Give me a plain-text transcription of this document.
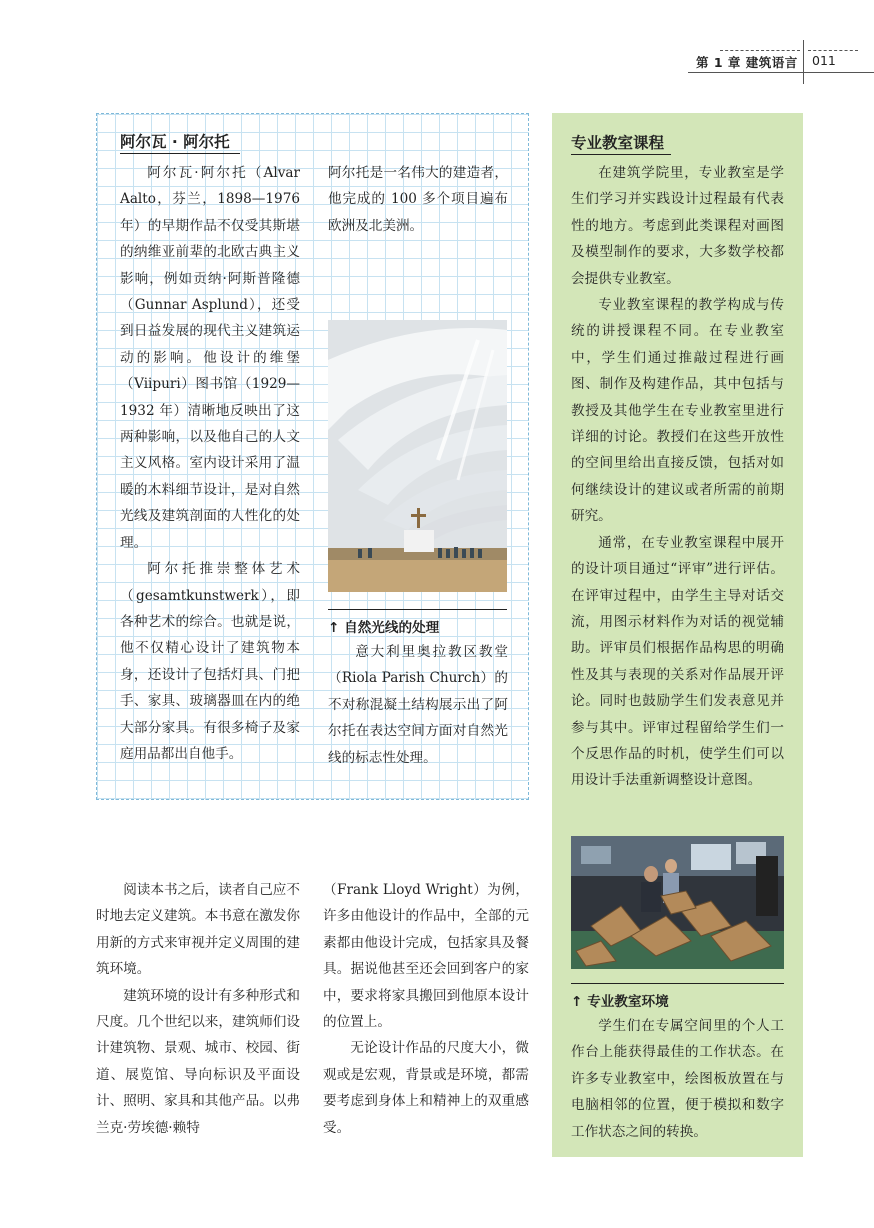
第 1 章 建筑语言 011
阿尔瓦 · 阿尔托

阿尔瓦·阿尔托（Alvar Aalto，芬兰，1898—1976 年）的早期作品不仅受其斯堪的纳维亚前辈的北欧古典主义影响，例如贡纳·阿斯普隆德（Gunnar Asplund），还受到日益发展的现代主义建筑运动的影响。他设计的维堡（Viipuri）图书馆（1929—1932 年）清晰地反映出了这两种影响，以及他自己的人文主义风格。室内设计采用了温暖的木料细节设计，是对自然光线及建筑剖面的人性化的处理。

阿尔托推崇整体艺术（gesamtkunstwerk），即各种艺术的综合。也就是说，他不仅精心设计了建筑物本身，还设计了包括灯具、门把手、家具、玻璃器皿在内的绝大部分家具。有很多椅子及家庭用品都出自他手。

阿尔托是一名伟大的建造者，他完成的 100 多个项目遍布欧洲及北美洲。

↑ 自然光线的处理

意大利里奥拉教区教堂（Riola Parish Church）的不对称混凝土结构展示出了阿尔托在表达空间方面对自然光线的标志性处理。

阅读本书之后，读者自己应不时地去定义建筑。本书意在激发你用新的方式来审视并定义周围的建筑环境。

建筑环境的设计有多种形式和尺度。几个世纪以来，建筑师们设计建筑物、景观、城市、校园、街道、展览馆、导向标识及平面设计、照明、家具和其他产品。以弗兰克·劳埃德·赖特

（Frank Lloyd Wright）为例，许多由他设计的作品中，全部的元素都由他设计完成，包括家具及餐具。据说他甚至还会回到客户的家中，要求将家具搬回到他原本设计的位置上。

无论设计作品的尺度大小，微观或是宏观，背景或是环境，都需要考虑到身体上和精神上的双重感受。

专业教室课程

在建筑学院里，专业教室是学生们学习并实践设计过程最有代表性的地方。考虑到此类课程对画图及模型制作的要求，大多数学校都会提供专业教室。

专业教室课程的教学构成与传统的讲授课程不同。在专业教室中，学生们通过推敲过程进行画图、制作及构建作品，其中包括与教授及其他学生在专业教室里进行详细的讨论。教授们在这些开放性的空间里给出直接反馈，包括对如何继续设计的建议或者所需的前期研究。

通常，在专业教室课程中展开的设计项目通过“评审”进行评估。在评审过程中，由学生主导对话交流，用图示材料作为对话的视觉辅助。评审员们根据作品构思的明确性及其与表现的关系对作品展开评论。同时也鼓励学生们发表意见并参与其中。评审过程留给学生们一个反思作品的时机，使学生们可以用设计手法重新调整设计意图。

↑ 专业教室环境

学生们在专属空间里的个人工作台上能获得最佳的工作状态。在许多专业教室中，绘图板放置在与电脑相邻的位置，便于模拟和数字工作状态之间的转换。
